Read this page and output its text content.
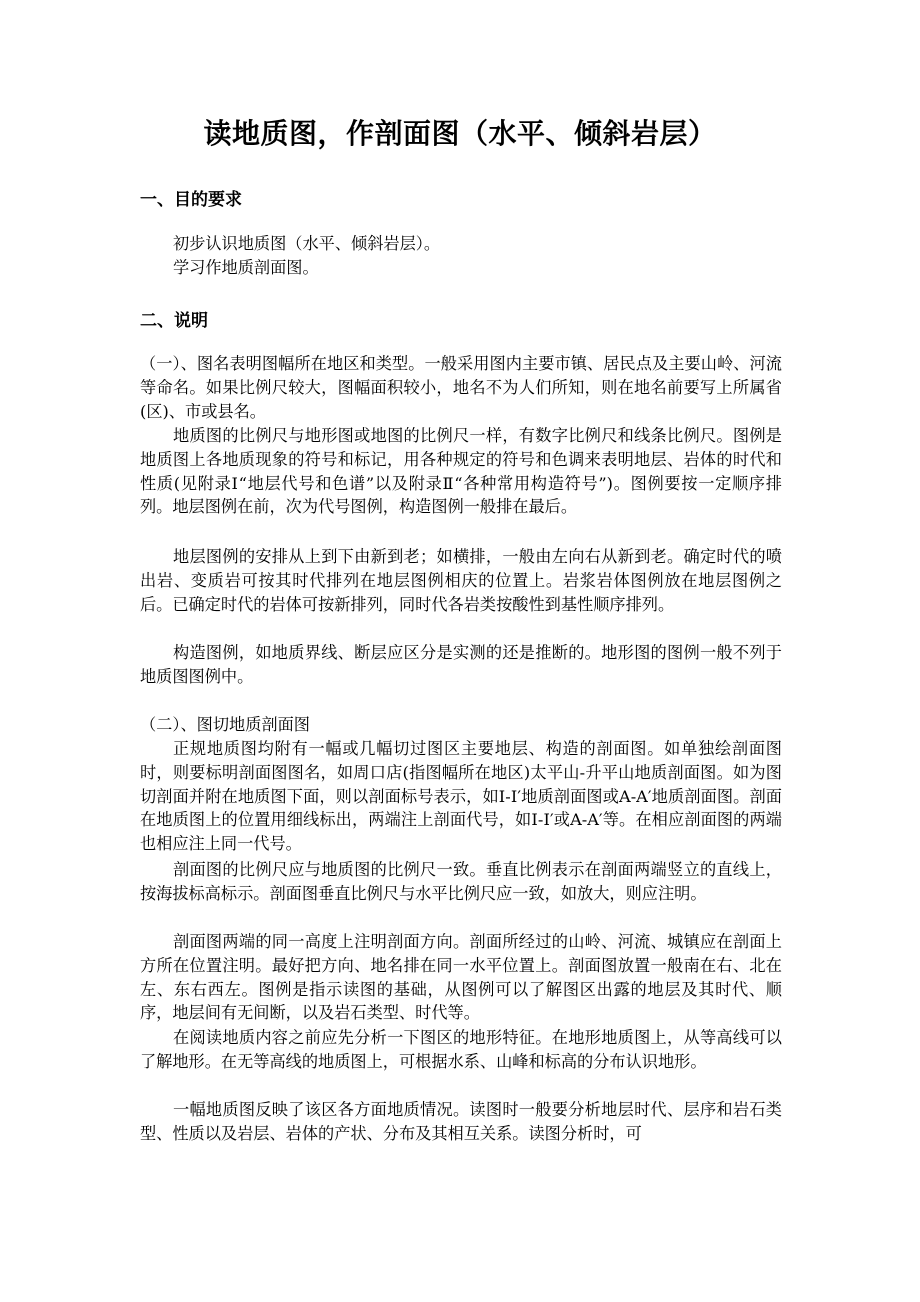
读地质图，作剖面图（水平、倾斜岩层）
一、目的要求

初步认识地质图（水平、倾斜岩层）。

学习作地质剖面图。

二、说明

（一）、图名表明图幅所在地区和类型。一般采用图内主要市镇、居民点及主要山岭、河流等命名。如果比例尺较大，图幅面积较小，地名不为人们所知，则在地名前要写上所属省(区)、市或县名。

地质图的比例尺与地形图或地图的比例尺一样，有数字比例尺和线条比例尺。图例是地质图上各地质现象的符号和标记，用各种规定的符号和色调来表明地层、岩体的时代和性质(见附录Ⅰ“地层代号和色谱”以及附录Ⅱ“各种常用构造符号”)。图例要按一定顺序排列。地层图例在前，次为代号图例，构造图例一般排在最后。

地层图例的安排从上到下由新到老；如横排，一般由左向右从新到老。确定时代的喷出岩、变质岩可按其时代排列在地层图例相庆的位置上。岩浆岩体图例放在地层图例之后。已确定时代的岩体可按新排列，同时代各岩类按酸性到基性顺序排列。

构造图例，如地质界线、断层应区分是实测的还是推断的。地形图的图例一般不列于地质图图例中。

（二）、图切地质剖面图

正规地质图均附有一幅或几幅切过图区主要地层、构造的剖面图。如单独绘剖面图时，则要标明剖面图图名，如周口店(指图幅所在地区)太平山-升平山地质剖面图。如为图切剖面并附在地质图下面，则以剖面标号表示，如Ⅰ-Ⅰ′地质剖面图或A-A′地质剖面图。剖面在地质图上的位置用细线标出，两端注上剖面代号，如Ⅰ-Ⅰ′或A-A′等。在相应剖面图的两端也相应注上同一代号。

剖面图的比例尺应与地质图的比例尺一致。垂直比例表示在剖面两端竖立的直线上，按海拔标高标示。剖面图垂直比例尺与水平比例尺应一致，如放大，则应注明。

剖面图两端的同一高度上注明剖面方向。剖面所经过的山岭、河流、城镇应在剖面上方所在位置注明。最好把方向、地名排在同一水平位置上。剖面图放置一般南在右、北在左、东右西左。图例是指示读图的基础，从图例可以了解图区出露的地层及其时代、顺序，地层间有无间断，以及岩石类型、时代等。

在阅读地质内容之前应先分析一下图区的地形特征。在地形地质图上，从等高线可以了解地形。在无等高线的地质图上，可根据水系、山峰和标高的分布认识地形。

一幅地质图反映了该区各方面地质情况。读图时一般要分析地层时代、层序和岩石类型、性质以及岩层、岩体的产状、分布及其相互关系。读图分析时，可
